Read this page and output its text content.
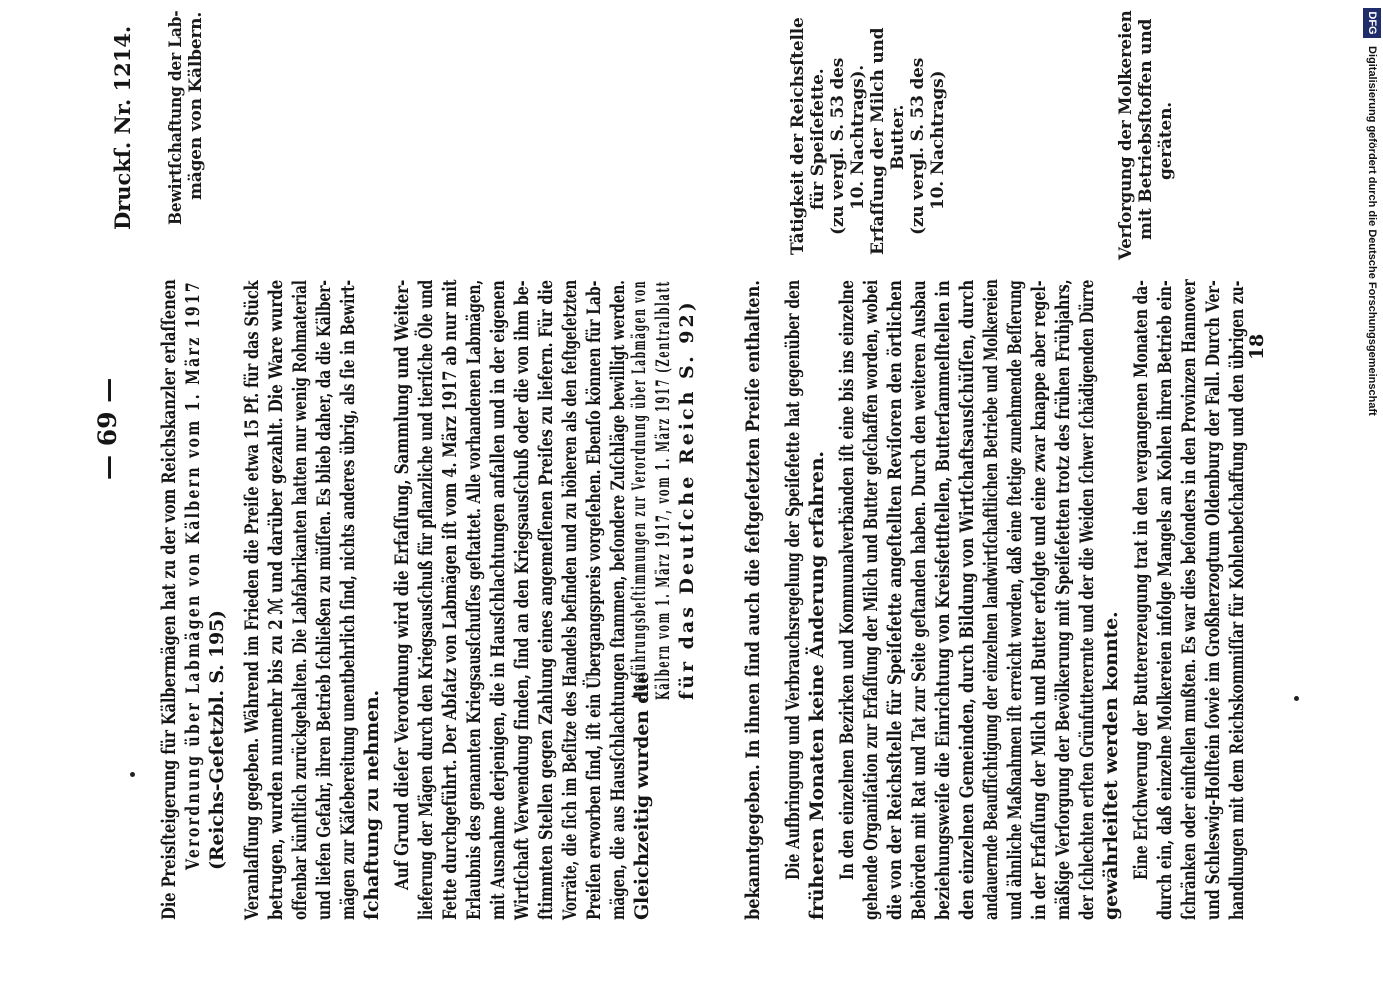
— 69 —

Druckſ. Nr. 1214.

Die Preisſteigerung für Kälbermägen hat zu der vom Reichskanzler erlaſſenen Verordnung über Labmägen von Kälbern vom 1. März 1917 (Reichs-Geſetzbl. S. 195) Veranlaſſung gegeben. Während im Frieden die Preiſe etwa 15 Pf. für das Stück betrugen, wurden nunmehr bis zu 2 ℳ und darüber gezahlt. Die Ware wurde offenbar künſtlich zurückgehalten. Die Labfabrikanten hatten nur wenig Rohmaterial und liefen Gefahr, ihren Betrieb ſchließen zu müſſen. Es blieb daher, da die Kälber- mägen zur Käſebereitung unentbehrlich ſind, nichts anderes übrig, als ſie in Bewirt- ſchaftung zu nehmen. Auf Grund dieſer Verordnung wird die Erfaſſung, Sammlung und Weiter- lieferung der Mägen durch den Kriegsausſchuß für pflanzliche und tieriſche Öle und Fette durchgeführt. Der Abſatz von Labmägen iſt vom 4. März 1917 ab nur mit Erlaubnis des genannten Kriegsausſchuſſes geſtattet. Alle vorhandenen Labmägen, mit Ausnahme derjenigen, die in Hausſchlachtungen anfallen und in der eigenen Wirtſchaft Verwendung finden, ſind an den Kriegsausſchuß oder die von ihm be- ſtimmten Stellen gegen Zahlung eines angemeſſenen Preiſes zu liefern. Für die Vorräte, die ſich im Beſitze des Handels befinden und zu höheren als den feſtgeſetzten Preiſen erworben ſind, iſt ein Übergangspreis vorgeſehen. Ebenſo können für Lab- mägen, die aus Hausſchlachtungen ſtammen, beſondere Zuſchläge bewilligt werden. Gleichzeitig wurden die

Ausführungsbeſtimmungen zur Verordnung über Labmägen von Kälbern vom 1. März 1917, vom 1. März 1917 (Zentralblatt für das Deutſche Reich S. 92) bekanntgegeben. In ihnen ſind auch die feſtgeſetzten Preiſe enthalten. Die Aufbringung und Verbrauchsregelung der Speiſefette hat gegenüber den früheren Monaten keine Änderung erfahren. In den einzelnen Bezirken und Kommunalverbänden iſt eine bis ins einzelne gehende Organiſation zur Erfaſſung der Milch und Butter geſchaffen worden, wobei die von der Reichsſtelle für Speiſefette angeſtellten Reviſoren den örtlichen Behörden mit Rat und Tat zur Seite geſtanden haben. Durch den weiteren Ausbau beziehungsweiſe die Einrichtung von Kreisfettſtellen, Butterſammelſtellen in den einzelnen Gemeinden, durch Bildung von Wirtſchaftsausſchüſſen, durch andauernde Beaufſichtigung der einzelnen landwirtſchaftlichen Betriebe und Molkereien und ähnliche Maßnahmen iſt erreicht worden, daß eine ſtetige zunehmende Beſſerung in der Erfaſſung der Milch und Butter erfolgte und eine zwar knappe aber regel- mäßige Verſorgung der Bevölkerung mit Speiſefetten trotz des frühen Frühjahrs, der ſchlechten erſten Grünfutterernte und der die Weiden ſchwer ſchädigenden Dürre gewährleiſtet werden konnte. Eine Erſchwerung der Buttererzeugung trat in den vergangenen Monaten da- durch ein, daß einzelne Molkereien infolge Mangels an Kohlen ihren Betrieb ein- ſchränken oder einſtellen mußten. Es war dies beſonders in den Provinzen Hannover und Schleswig-Holſtein ſowie im Großherzogtum Oldenburg der Fall. Durch Ver- handlungen mit dem Reichskommiſſar für Kohlenbeſchaffung und den übrigen zu-

18

Bewirtſchaftung der Lab- mägen von Kälbern.	Tätigkeit der Reichsſtelle für Speiſefette. (zu vergl. S. 53 des 10. Nachtrags). Erfaſſung der Milch und Butter. (zu vergl. S. 53 des 10. Nachtrags)	Verſorgung der Molkereien mit Betriebsſtoffen und geräten.

DFG
Digitalisierung gefördert durch die Deutsche Forschungsgemeinschaft
